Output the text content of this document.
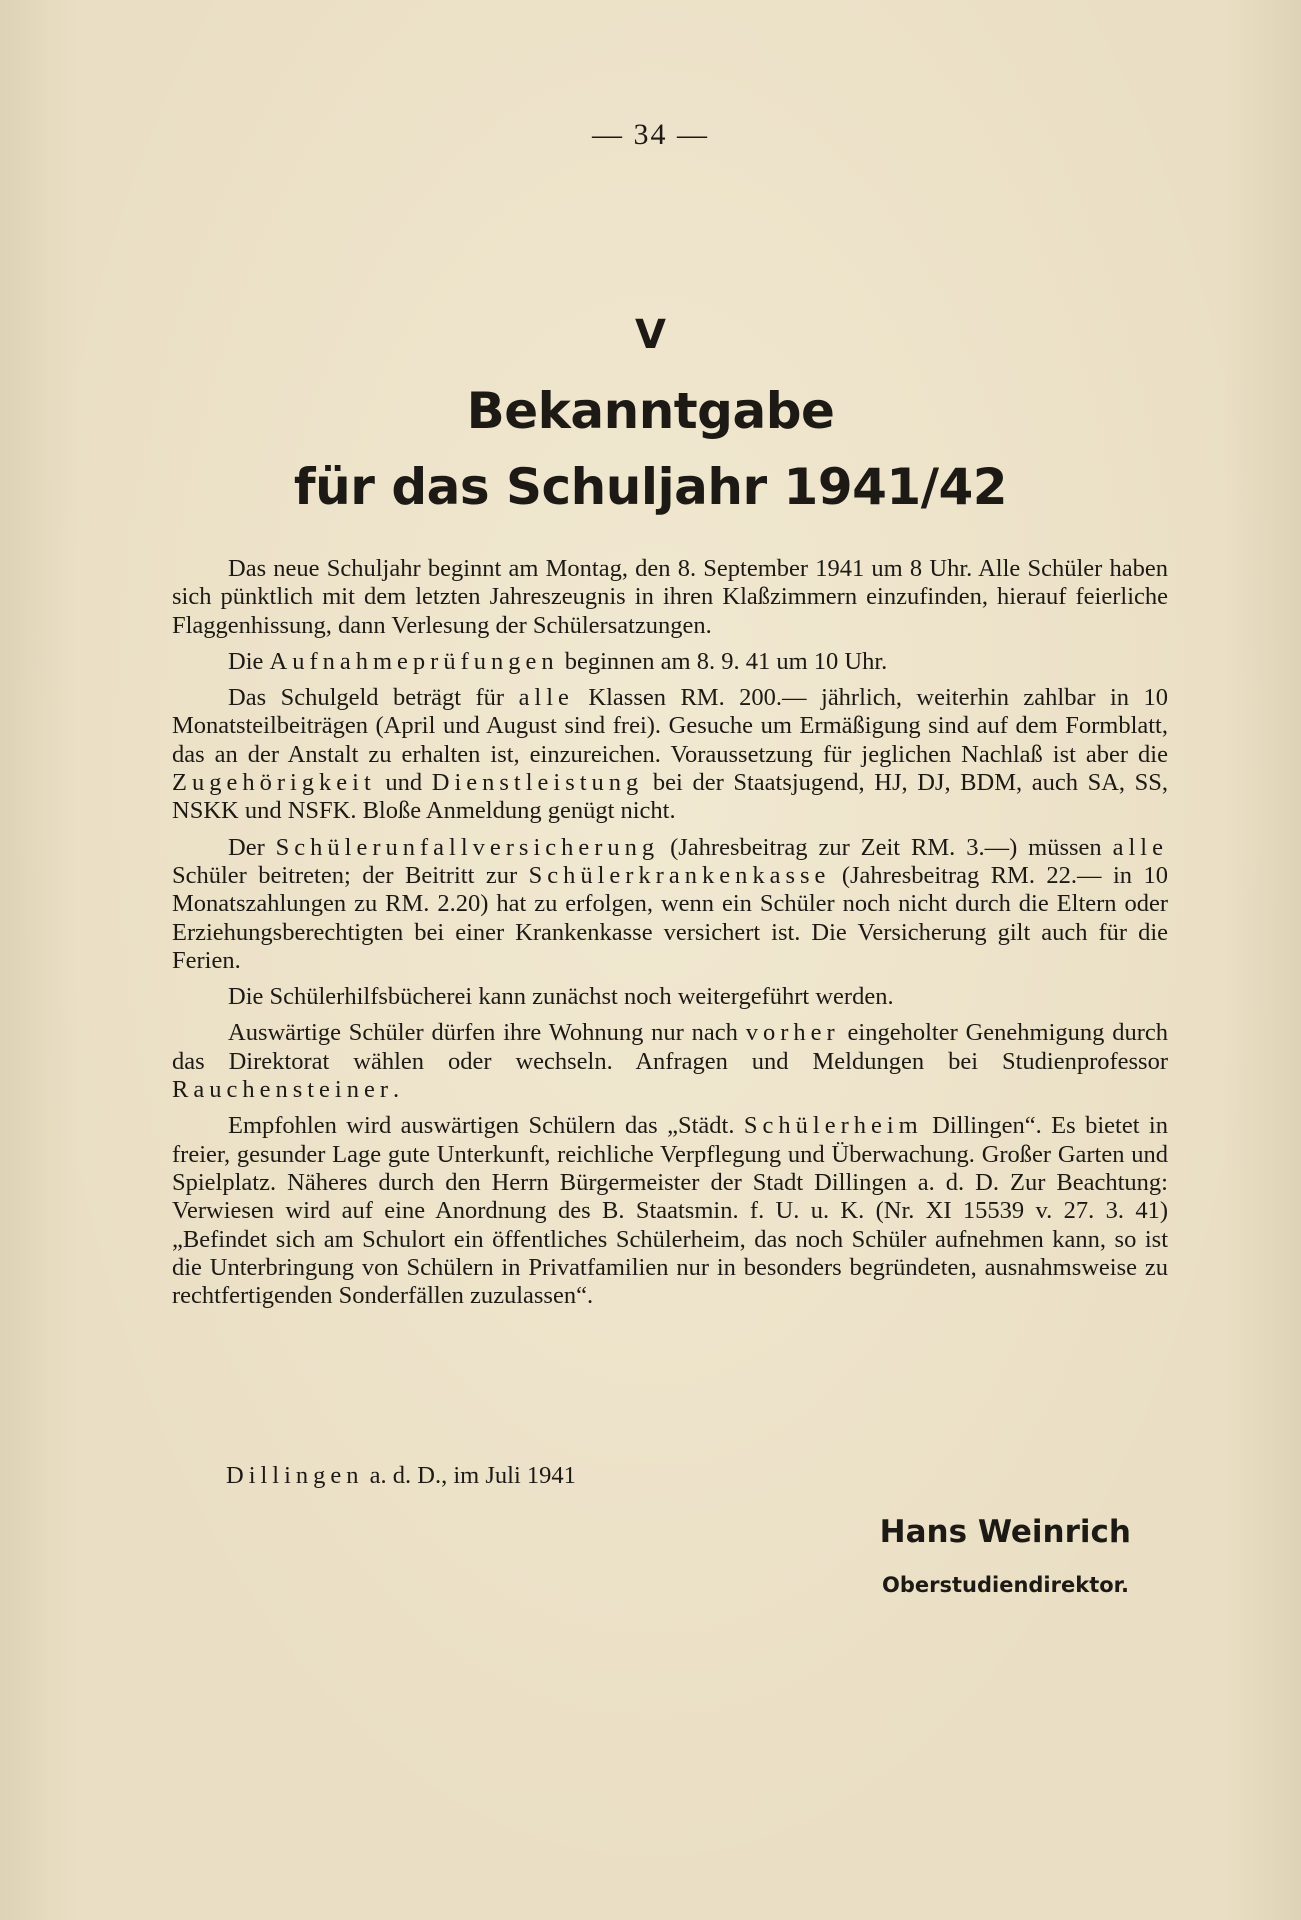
— 34 —
V
Bekanntgabe
für das Schuljahr 1941/42

Das neue Schuljahr beginnt am Montag, den 8. September 1941 um 8 Uhr. Alle Schüler haben sich pünktlich mit dem letzten Jahreszeugnis in ihren Klaßzimmern einzufinden, hierauf feierliche Flaggenhissung, dann Verlesung der Schülersatzungen.

Die Aufnahmeprüfungen beginnen am 8. 9. 41 um 10 Uhr.

Das Schulgeld beträgt für alle Klassen RM. 200.— jährlich, weiterhin zahlbar in 10 Monatsteilbeiträgen (April und August sind frei). Gesuche um Ermäßigung sind auf dem Formblatt, das an der Anstalt zu erhalten ist, einzureichen. Voraussetzung für jeglichen Nachlaß ist aber die Zugehörigkeit und Dienstleistung bei der Staatsjugend, HJ, DJ, BDM, auch SA, SS, NSKK und NSFK. Bloße Anmeldung genügt nicht.

Der Schülerunfallversicherung (Jahresbeitrag zur Zeit RM. 3.—) müssen alle Schüler beitreten; der Beitritt zur Schülerkrankenkasse (Jahresbeitrag RM. 22.— in 10 Monatszahlungen zu RM. 2.20) hat zu erfolgen, wenn ein Schüler noch nicht durch die Eltern oder Erziehungsberechtigten bei einer Krankenkasse versichert ist. Die Versicherung gilt auch für die Ferien.

Die Schülerhilfsbücherei kann zunächst noch weitergeführt werden.

Auswärtige Schüler dürfen ihre Wohnung nur nach vorher eingeholter Genehmigung durch das Direktorat wählen oder wechseln. Anfragen und Meldungen bei Studienprofessor Rauchensteiner.

Empfohlen wird auswärtigen Schülern das „Städt. Schülerheim Dillingen“. Es bietet in freier, gesunder Lage gute Unterkunft, reichliche Verpflegung und Überwachung. Großer Garten und Spielplatz. Näheres durch den Herrn Bürgermeister der Stadt Dillingen a. d. D. Zur Beachtung: Verwiesen wird auf eine Anordnung des B. Staatsmin. f. U. u. K. (Nr. XI 15539 v. 27. 3. 41) „Befindet sich am Schulort ein öffentliches Schülerheim, das noch Schüler aufnehmen kann, so ist die Unterbringung von Schülern in Privatfamilien nur in besonders begründeten, ausnahmsweise zu rechtfertigenden Sonderfällen zuzulassen“.

Dillingen a. d. D., im Juli 1941
Hans Weinrich
Oberstudiendirektor.
